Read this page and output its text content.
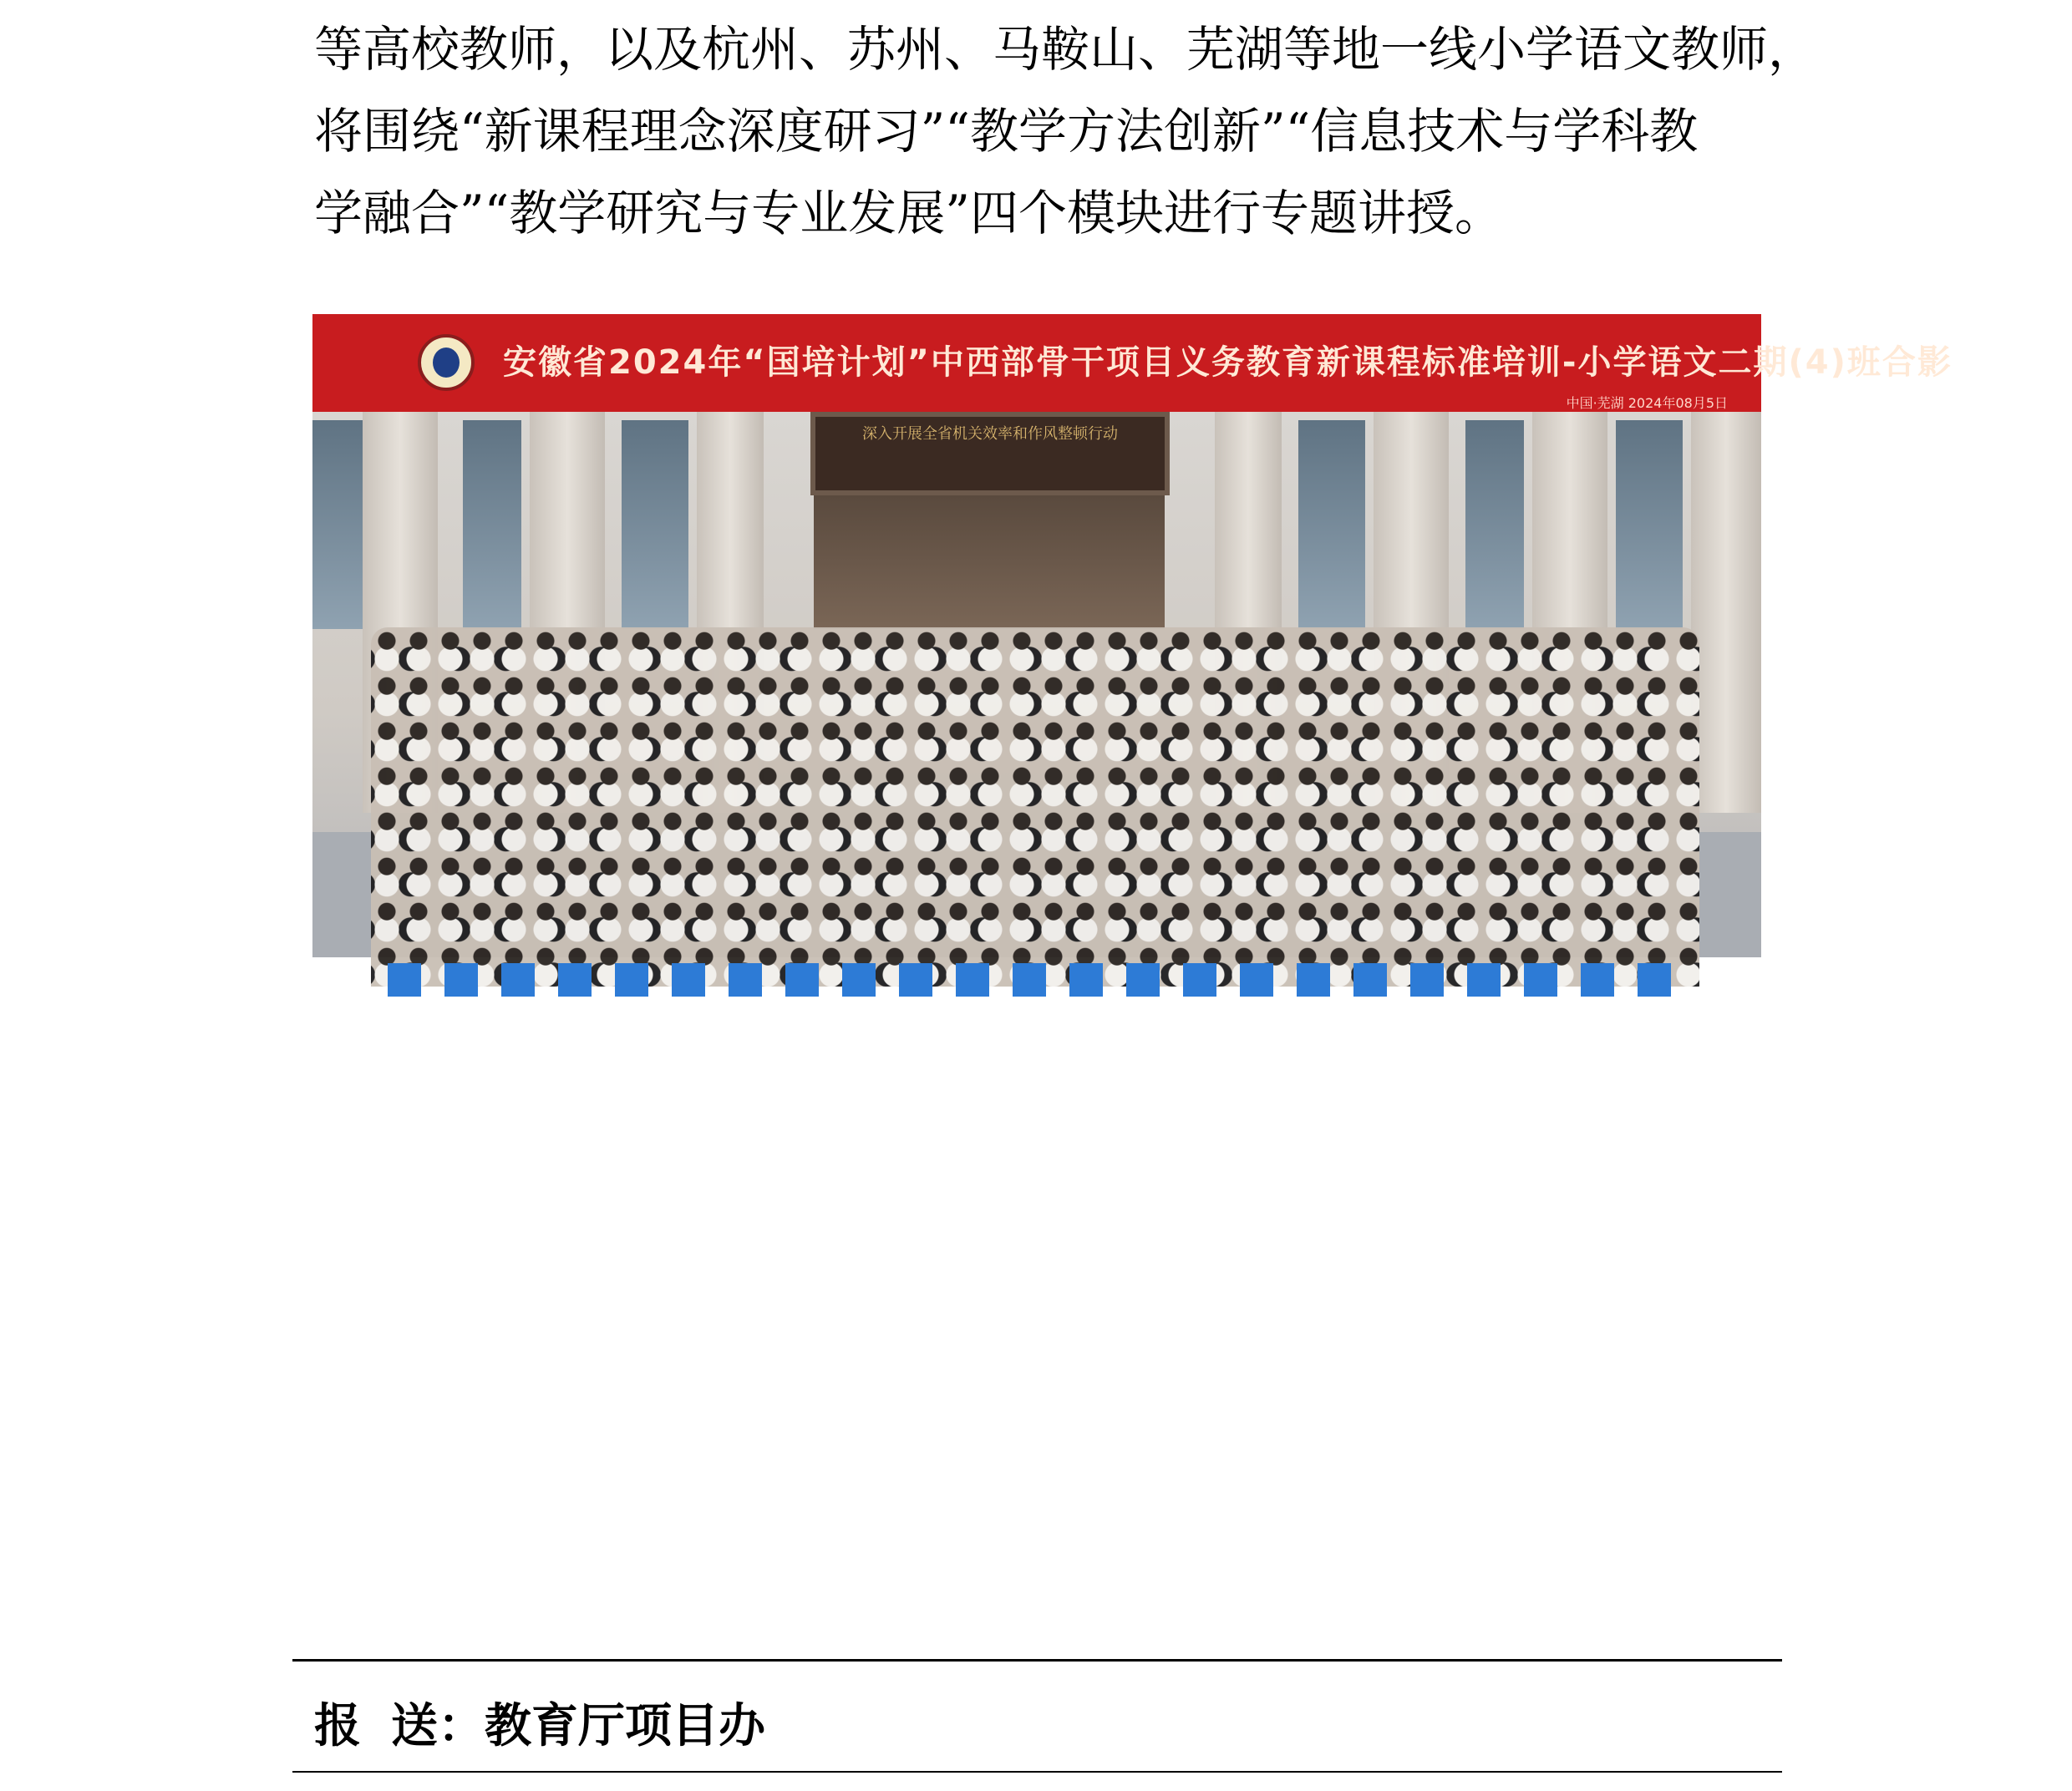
等高校教师，以及杭州、苏州、马鞍山、芜湖等地一线小学语文教师，
将围绕“新课程理念深度研习”“教学方法创新”“信息技术与学科教
学融合”“教学研究与专业发展”四个模块进行专题讲授。
安徽省2024年“国培计划”中西部骨干项目义务教育新课程标准培训-小学语文二期(4)班合影
中国·芜湖 2024年08月5日
深入开展全省机关效率和作风整顿行动
报 送：教育厅项目办
